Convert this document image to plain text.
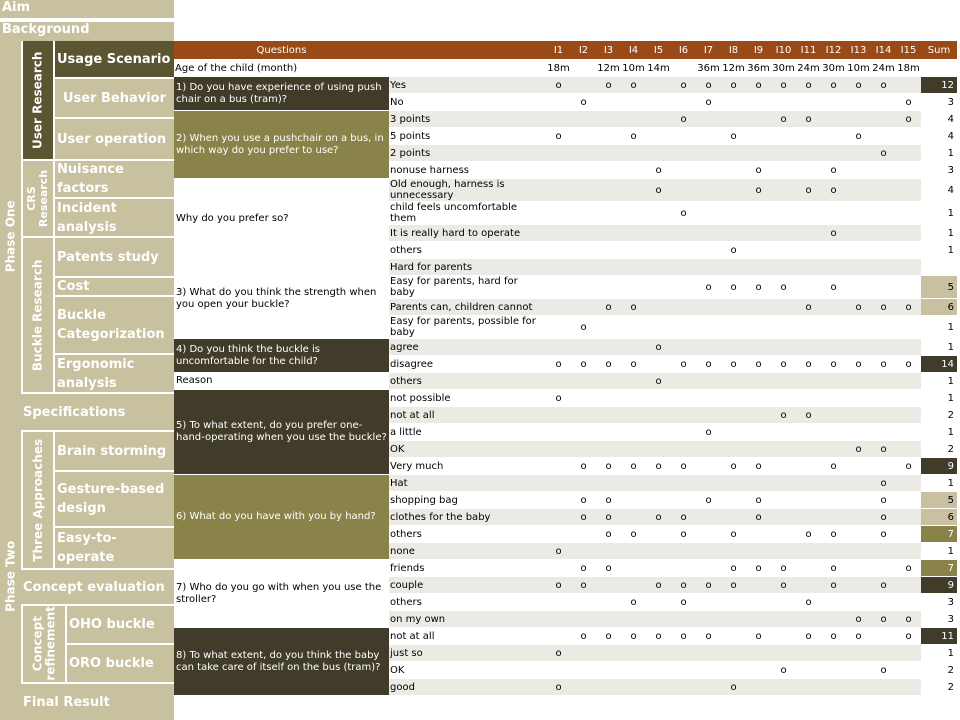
Aim
Background
Phase One
Phase Two
User Research
CRS Research
Buckle Research
Three Approaches
Concept refinement
Usage Scenario
User Behavior
User operation
Nuisance factors
Incident analysis
Patents study
Cost
Buckle Categorization
Ergonomic analysis
Specifications
Brain storming
Gesture-based design
Easy-to-operate
Concept evaluation
OHO buckle
ORO buckle
Final Result
Questions		I1	I2	I3	I4	I5	I6	I7	I8	I9	I10	I11	I12	I13	I14	I15	Sum
Age of the child (month)		18m		12m	10m	14m		36m	12m	36m	30m	24m	30m	10m	24m	18m	
1) Do you have experience of using push chair on a bus (tram)?	Yes	o		o	o		o	o	o	o	o	o	o	o	o		12
	No		o					o								o	3
2) When you use a pushchair on a bus, in which way do you prefer to use?	3 points						o				o	o				o	4
	5 points	o			o				o					o			4
	2 points														o		1
	nonuse harness					o				o			o				3
Why do you prefer so?	Old enough, harness is unnecessary					o				o		o	o				4
	child feels uncomfortable them						o										1
	It is really hard to operate												o				1
	others								o								1
3) What do you think the strength when you open your buckle?	Hard for parents																
	Easy for parents, hard for baby							o	o	o	o		o				5
	Parents can, children cannot			o	o							o		o	o	o	6
	Easy for parents, possible for baby		o														1
4) Do you think the buckle is uncomfortable for the child?	agree					o											1
	disagree	o	o	o	o		o	o	o	o	o	o	o	o	o	o	14
Reason	others					o											1
5) To what extent, do you prefer one-hand-operating when you use the buckle?	not possible	o															1
	not at all										o	o					2
	a little							o									1
	OK													o	o		2
	Very much		o	o	o	o	o		o	o			o			o	9
6) What do you have with you by hand?	Hat														o		1
	shopping bag		o	o				o		o					o		5
	clothes for the baby		o	o		o	o			o					o		6
	others			o	o		o		o			o	o		o		7
	none	o															1
7) Who do you go with when you use the stroller?	friends		o	o					o	o	o		o			o	7
	couple	o	o			o	o	o	o		o		o		o		9
	others				o		o					o					3
	on my own													o	o	o	3
8) To what extent, do you think the baby can take care of itself on the bus (tram)?	not at all		o	o	o	o	o	o		o		o	o	o		o	11
	just so	o															1
	OK										o				o		2
	good	o							o								2
